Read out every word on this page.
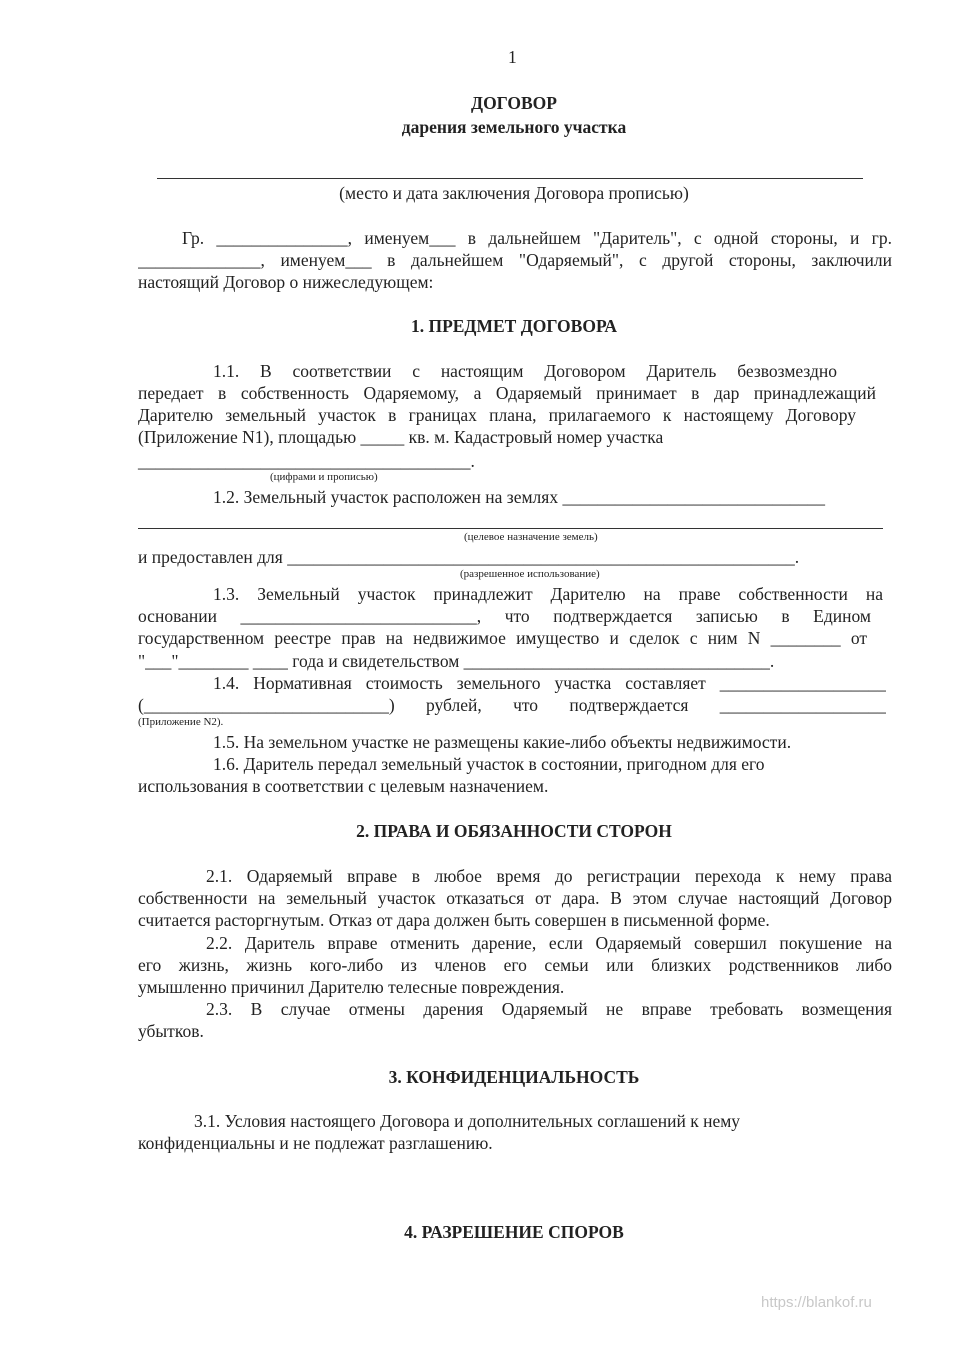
1
ДОГОВОР
дарения земельного участка
(место и дата заключения Договора прописью)
Гр. _______________, именуем___ в дальнейшем "Даритель", с одной стороны, и гр.
______________, именуем___ в дальнейшем "Одаряемый", с другой стороны, заключили
настоящий Договор о нижеследующем:
1. ПРЕДМЕТ ДОГОВОРА
1.1. В соответствии с настоящим Договором Даритель безвозмездно
передает в собственность Одаряемому, а Одаряемый принимает в дар принадлежащий
Дарителю земельный участок в границах плана, прилагаемого к настоящему Договору
(Приложение N1), площадью _____ кв. м. Кадастровый номер участка
______________________________________.
(цифрами и прописью)
1.2. Земельный участок расположен на землях ______________________________
(целевое назначение земель)
и предоставлен для __________________________________________________________.
(разрешенное использование)
1.3. Земельный участок принадлежит Дарителю на праве собственности на
основании ___________________________, что подтверждается записью в Едином
государственном реестре прав на недвижимое имущество и сделок с ним N ________ от
"___"________ ____ года и свидетельством ___________________________________.
1.4. Нормативная стоимость земельного участка составляет ___________________
(____________________________) рублей, что подтверждается ___________________
(Приложение N2).
1.5. На земельном участке не размещены какие-либо объекты недвижимости.
1.6. Даритель передал земельный участок в состоянии, пригодном для его
использования в соответствии с целевым назначением.
2. ПРАВА И ОБЯЗАННОСТИ СТОРОН
2.1. Одаряемый вправе в любое время до регистрации перехода к нему права
собственности на земельный участок отказаться от дара. В этом случае настоящий Договор
считается расторгнутым. Отказ от дара должен быть совершен в письменной форме.
2.2. Даритель вправе отменить дарение, если Одаряемый совершил покушение на
его жизнь, жизнь кого-либо из членов его семьи или близких родственников либо
умышленно причинил Дарителю телесные повреждения.
2.3. В случае отмены дарения Одаряемый не вправе требовать возмещения
убытков.
3. КОНФИДЕНЦИАЛЬНОСТЬ
3.1. Условия настоящего Договора и дополнительных соглашений к нему
конфиденциальны и не подлежат разглашению.
4. РАЗРЕШЕНИЕ СПОРОВ
https://blankof.ru
